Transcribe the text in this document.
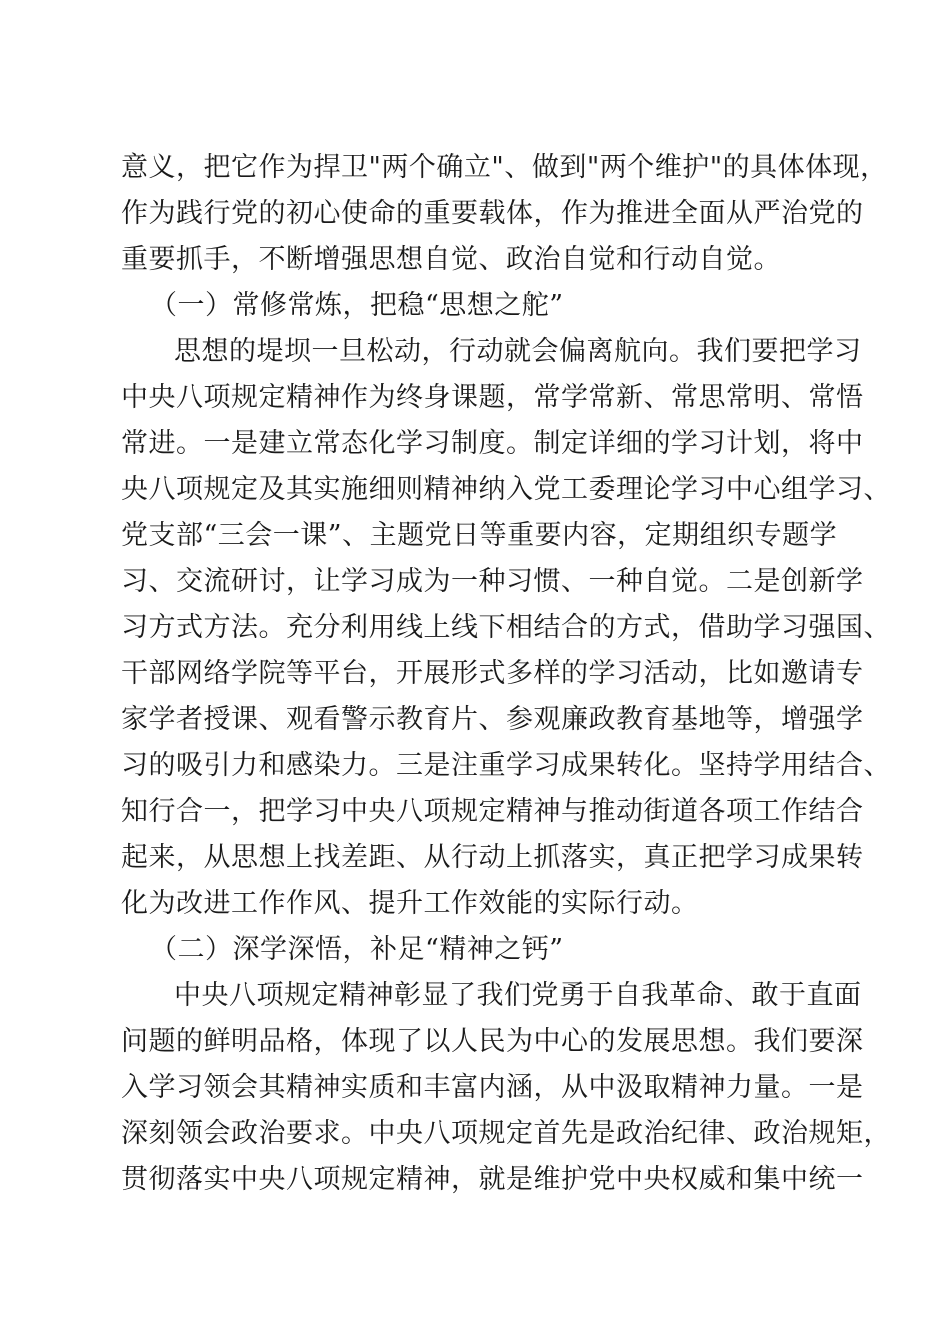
意义，把它作为捍卫"两个确立"、做到"两个维护"的具体体现，
作为践行党的初心使命的重要载体，作为推进全面从严治党的
重要抓手，不断增强思想自觉、政治自觉和行动自觉。
（一）常修常炼，把稳“思想之舵”
思想的堤坝一旦松动，行动就会偏离航向。我们要把学习
中央八项规定精神作为终身课题，常学常新、常思常明、常悟
常进。一是建立常态化学习制度。制定详细的学习计划，将中
央八项规定及其实施细则精神纳入党工委理论学习中心组学习、
党支部“三会一课”、主题党日等重要内容，定期组织专题学
习、交流研讨，让学习成为一种习惯、一种自觉。二是创新学
习方式方法。充分利用线上线下相结合的方式，借助学习强国、
干部网络学院等平台，开展形式多样的学习活动，比如邀请专
家学者授课、观看警示教育片、参观廉政教育基地等，增强学
习的吸引力和感染力。三是注重学习成果转化。坚持学用结合、
知行合一，把学习中央八项规定精神与推动街道各项工作结合
起来，从思想上找差距、从行动上抓落实，真正把学习成果转
化为改进工作作风、提升工作效能的实际行动。
（二）深学深悟，补足“精神之钙”
中央八项规定精神彰显了我们党勇于自我革命、敢于直面
问题的鲜明品格，体现了以人民为中心的发展思想。我们要深
入学习领会其精神实质和丰富内涵，从中汲取精神力量。一是
深刻领会政治要求。中央八项规定首先是政治纪律、政治规矩，
贯彻落实中央八项规定精神，就是维护党中央权威和集中统一
